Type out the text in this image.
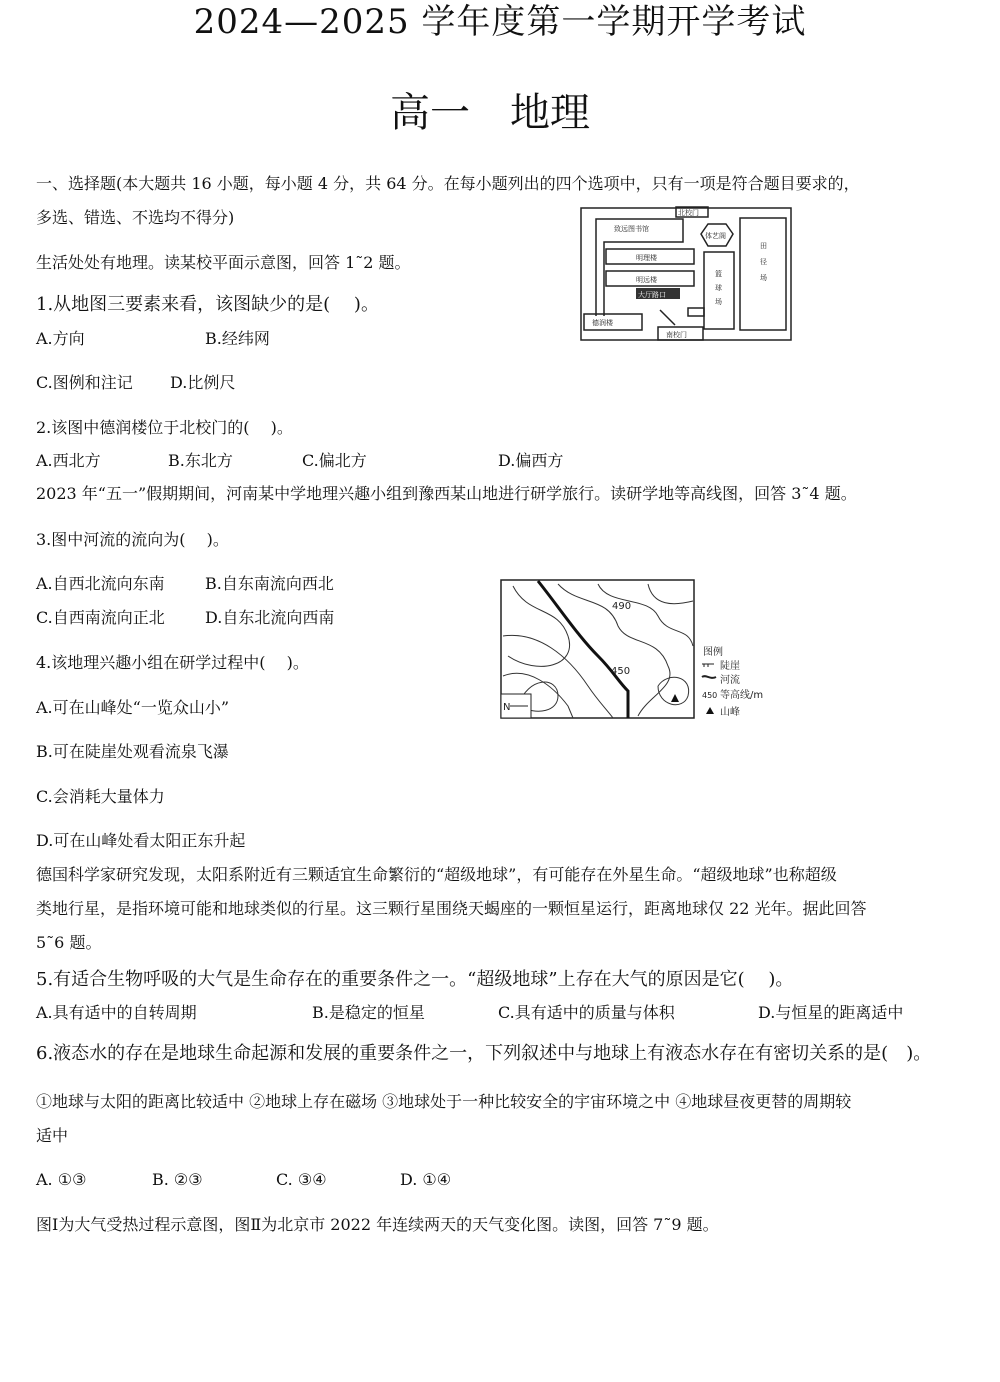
2024—2025 学年度第一学期开学考试
高一　地理
一、选择题(本大题共 16 小题，每小题 4 分，共 64 分。在每小题列出的四个选项中，只有一项是符合题目要求的，
多选、错选、不选均不得分)
生活处处有地理。读某校平面示意图，回答 1˜2 题。
1.从地图三要素来看，该图缺少的是(　 )。
A.方向	B.经纬网
C.图例和注记 D.比例尺
2.该图中德润楼位于北校门的(　 )。
A.西北方	B.东北方	C.偏北方	D.偏西方
2023 年“五一”假期期间，河南某中学地理兴趣小组到豫西某山地进行研学旅行。读研学地等高线图，回答 3˜4 题。
3.图中河流的流向为(　 )。
A.自西北流向东南	B.自东南流向西北
C.自西南流向正北	D.自东北流向西南
4.该地理兴趣小组在研学过程中(　 )。
A.可在山峰处“一览众山小”
B.可在陡崖处观看流泉飞瀑
C.会消耗大量体力
D.可在山峰处看太阳正东升起
德国科学家研究发现，太阳系附近有三颗适宜生命繁衍的“超级地球”，有可能存在外星生命。“超级地球”也称超级
类地行星，是指环境可能和地球类似的行星。这三颗行星围绕天蝎座的一颗恒星运行，距离地球仅 22 光年。据此回答
5˜6 题。
5.有适合生物呼吸的大气是生命存在的重要条件之一。“超级地球”上存在大气的原因是它(　 )。
A.具有适中的自转周期	B.是稳定的恒星	C.具有适中的质量与体积	D.与恒星的距离适中
6.液态水的存在是地球生命起源和发展的重要条件之一，下列叙述中与地球上有液态水存在有密切关系的是(　)。
①地球与太阳的距离比较适中 ②地球上存在磁场 ③地球处于一种比较安全的宇宙环境之中 ④地球昼夜更替的周期较
适中
A. ①③	B. ②③	C. ③④	D. ①④
图Ⅰ为大气受热过程示意图，图Ⅱ为北京市 2022 年连续两天的天气变化图。读图，回答 7˜9 题。
北校门
致远图书馆
体艺阁
明理楼
明远楼
大厅路口
德润楼
南校门
篮
球
场
田
径
场
490
450
N
图例
陡崖
河流
450 等高线/m
山峰
